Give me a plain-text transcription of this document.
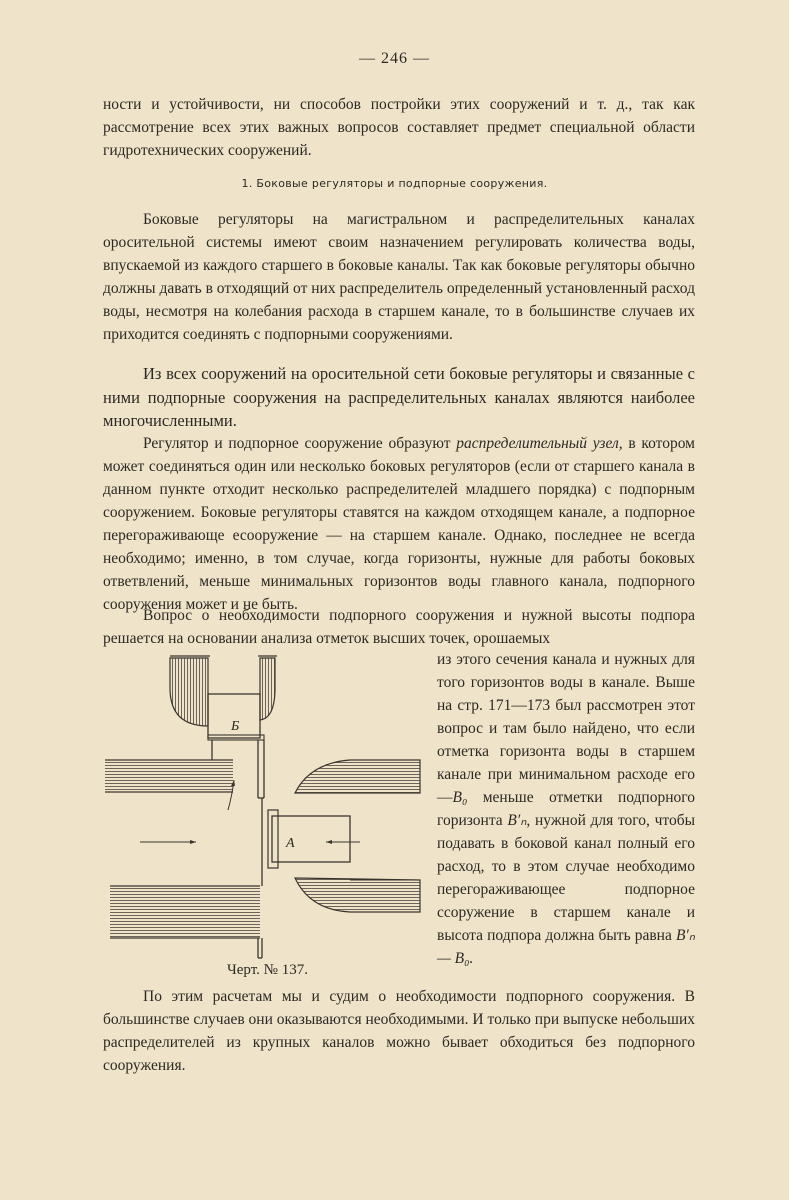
— 246 —

ности и устойчивости, ни способов постройки этих сооружений и т. д., так как рассмотрение всех этих важных вопросов составляет предмет специальной области гидротехнических сооружений.

1. Боковые регуляторы и подпорные сооружения.

Боковые регуляторы на магистральном и распределительных каналах оросительной системы имеют своим назначением регулировать количества воды, впускаемой из каждого старшего в боковые каналы. Так как боковые регуляторы обычно должны давать в отходящий от них распределитель определенный установленный расход воды, несмотря на колебания расхода в старшем канале, то в большинстве случаев их приходится соединять с подпорными сооружениями.

Из всех сооружений на оросительной сети боковые регуляторы и связанные с ними подпорные сооружения на распределительных каналах являются наиболее многочисленными.

Регулятор и подпорное сооружение образуют распределительный узел, в котором может соединяться один или несколько боковых регуляторов (если от старшего канала в данном пункте отходит несколько распределителей младшего порядка) с подпорным сооружением. Боковые регуляторы ставятся на каждом отходящем канале, а подпорное перегораживающе есооружение — на старшем канале. Однако, последнее не всегда необходимо; именно, в том случае, когда горизонты, нужные для работы боковых ответвлений, меньше минимальных горизонтов воды главного канала, подпорного сооружения может и не быть.

Вопрос о необходимости подпорного сооружения и нужной высоты подпора решается на основании анализа отметок высших точек, орошаемых

из этого сечения канала и нужных для того горизонтов воды в канале. Выше на стр. 171—173 был рассмотрен этот вопрос и там было найдено, что если отметка горизонта воды в старшем канале при минимальном расходе его—B₀ меньше отметки подпорного горизонта B′ₙ, нужной для того, чтобы подавать в боковой канал полный его расход, то в этом случае необходимо перегораживающее подпорное ссоружение в старшем канале и высота подпора должна быть равна B′ₙ — B₀.

Б
А
Черт. № 137.

По этим расчетам мы и судим о необходимости подпорного сооружения. В большинстве случаев они оказываются необходимыми. И только при выпуске небольших распределителей из крупных каналов можно бывает обходиться без подпорного сооружения.
